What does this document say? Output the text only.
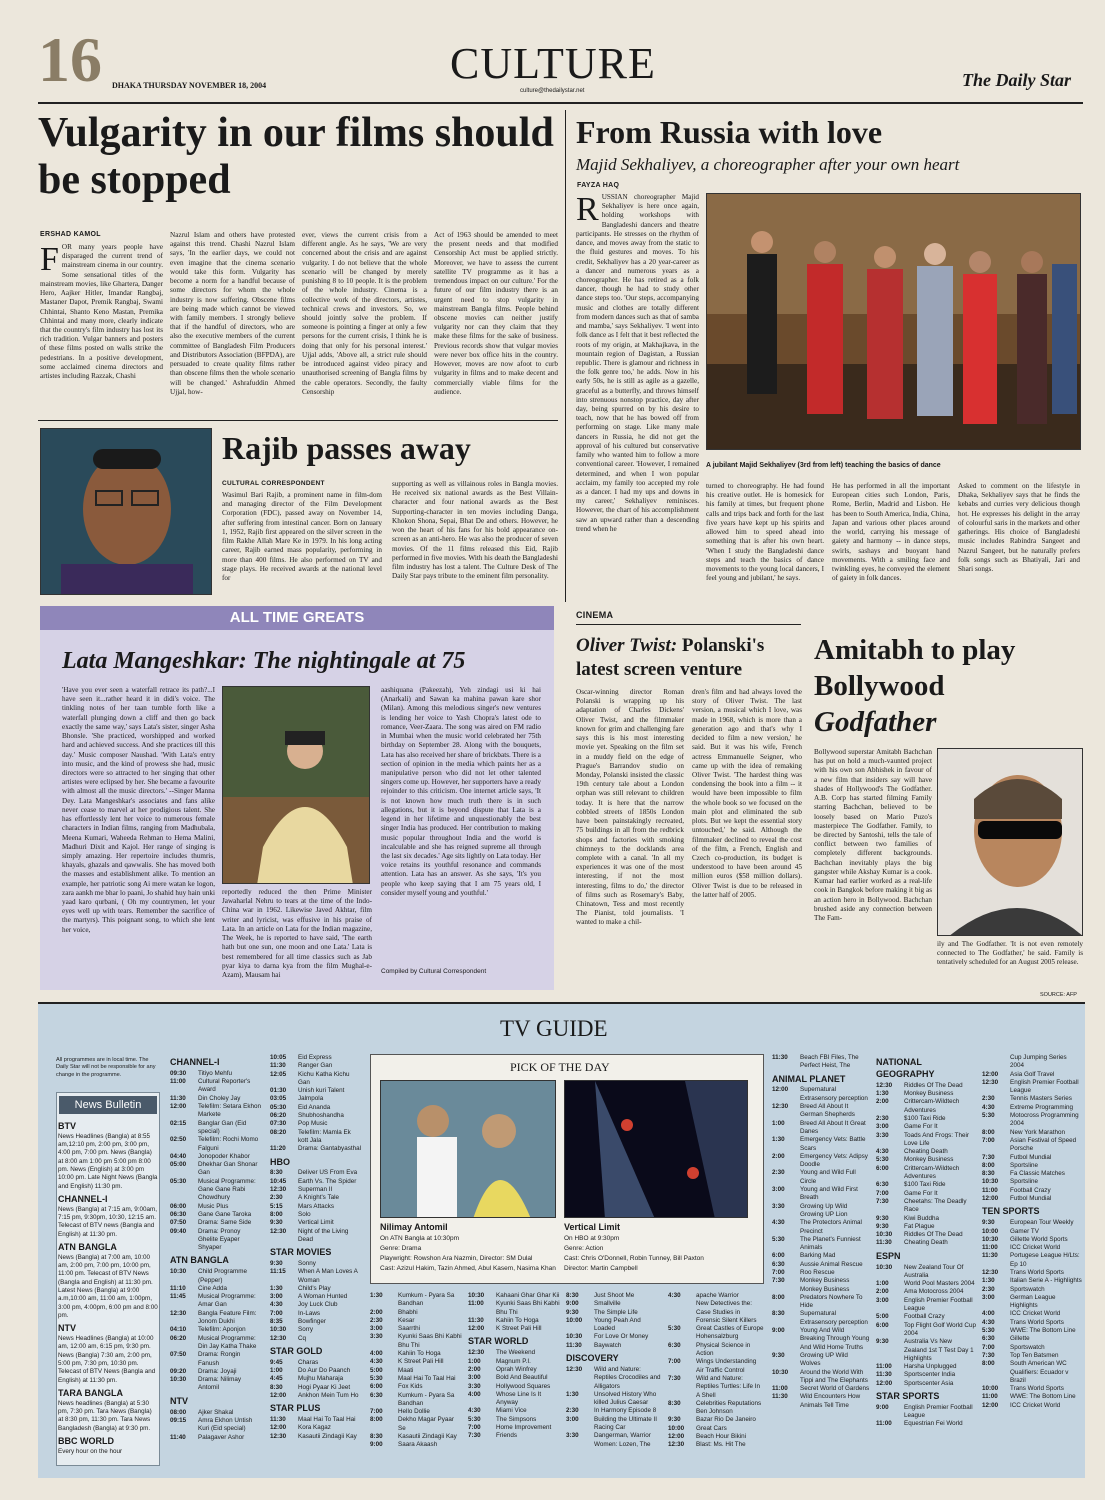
16 DHAKA THURSDAY NOVEMBER 18, 2004	CULTURE
culture@thedailystar.net
The Daily Star
Vulgarity in our films should be stopped
ERSHAD KAMOL
FOR many years people have disparaged the current trend of mainstream cinema in our country. Some sensational titles of the mainstream movies, like Ghartera, Danger Hero, Aajker Hitler, Imandar Rangbaj, Mastaner Dapot, Premik Rangbaj, Swami Chhintai, Shanto Keno Mastan, Premika Chhintai and many more, clearly indicate that the country's film industry has lost its rich tradition. Vulgar banners and posters of these films posted on walls strike the pedestrians. In a positive development, some acclaimed cinema directors and artistes including Razzak, Chashi
Nazrul Islam and others have protested against this trend. Chashi Nazrul Islam says, 'In the earlier days, we could not even imagine that the cinema scenario would take this form. Vulgarity has become a norm for a handful because of some directors for whom the whole industry is now suffering. Obscene films are being made which cannot be viewed with family members. I strongly believe that if the handful of directors, who are also the executive members of the current committee of Bangladesh Film Producers and Distributors Association (BFPDA), are persuaded to create quality films rather than obscene films then the whole scenario will be changed.' Ashrafuddin Ahmed Ujjal, how-
ever, views the current crisis from a different angle. As he says, 'We are very concerned about the crisis and are against vulgarity. I do not believe that the whole scenario will be changed by merely punishing 8 to 10 people. It is the problem of the whole industry. Cinema is a collective work of the directors, artistes, technical crews and investors. So, we should jointly solve the problem. If someone is pointing a finger at only a few persons for the current crisis, I think he is doing that only for his personal interest.' Ujjal adds, 'Above all, a strict rule should be introduced against video piracy and unauthorised screening of Bangla films by the cable operators. Secondly, the faulty Censorship
Act of 1963 should be amended to meet the present needs and that modified Censorship Act must be applied strictly. Moreover, we have to assess the current satellite TV programme as it has a tremendous impact on our culture.' For the future of our film industry there is an urgent need to stop vulgarity in mainstream Bangla films. People behind obscene movies can neither justify vulgarity nor can they claim that they make these films for the sake of business. Previous records show that vulgar movies were never box office hits in the country. However, moves are now afoot to curb vulgarity in films and to make decent and commercially viable films for the audience.
From Russia with love
Majid Sekhaliyev, a choreographer after your own heart
FAYZA HAQ
RUSSIAN choreographer Majid Sekhaliyev is here once again, holding workshops with Bangladeshi dancers and theatre participants. He stresses on the rhythm of dance, and moves away from the static to the fluid gestures and moves. To his credit, Sekhaliyev has a 20 year-career as a dancer and numerous years as a choreographer. He has retired as a folk dancer, though he had to study other dance steps too. 'Our steps, accompanying music and clothes are totally different from modern dances such as that of samba and mamba,' says Sekhaliyev. 'I went into folk dance as I felt that it best reflected the roots of my origin, at Makhajkava, in the mountain region of Dagistan, a Russian republic. There is glamour and richness in the folk genre too,' he adds. Now in his early 50s, he is still as agile as a gazelle, graceful as a butterfly, and throws himself into strenuous nonstop practice, day after day, being spurred on by his desire to teach, now that he has bowed off from performing on stage. Like many male dancers in Russia, he did not get the approval of his cultured but conservative family who wanted him to follow a more conventional career. 'However, I remained determined, and when I won popular acclaim, my family too accepted my role as a dancer. I had my ups and downs in my career,' Sekhaliyev reminisces. However, the chart of his accomplishment saw an upward rather than a descending trend when he
A jubilant Majid Sekhaliyev (3rd from left) teaching the basics of dance
turned to choreography. He had found his creative outlet. He is homesick for his family at times, but frequent phone calls and trips back and forth for the last five years have kept up his spirits and allowed him to speed ahead into something that is after his own heart. 'When I study the Bangladeshi dance steps and teach the basics of dance movements to the young local dancers, I feel young and jubilant,' he says.
He has performed in all the important European cities such London, Paris, Rome, Berlin, Madrid and Lisbon. He has been to South America, India, China, Japan and various other places around the world, carrying his message of gaiety and harmony -- in dance steps, swirls, sashays and buoyant hand movements. With a smiling face and twinkling eyes, he conveyed the element of gaiety in folk dances.
Asked to comment on the lifestyle in Dhaka, Sekhaliyev says that he finds the kebabs and curries very delicious though hot. He expresses his delight in the array of colourful saris in the markets and other gatherings. His choice of Bangladeshi music includes Rabindra Sangeet and Nazrul Sangeet, but he naturally prefers folk songs such as Bhatiyali, Jari and Shari songs.
Rajib passes away
CULTURAL CORRESPONDENT
Wasimul Bari Rajib, a prominent name in film-dom and managing director of the Film Development Corporation (FDC), passed away on November 14, after suffering from intestinal cancer. Born on January 1, 1952, Rajib first appeared on the silver screen in the film Rakhe Allah Mare Ke in 1979. In his long acting career, Rajib earned mass popularity, performing in more than 400 films. He also performed on TV and stage plays. He received awards at the national level for
supporting as well as villainous roles in Bangla movies. He received six national awards as the Best Villain-character and four national awards as the Best Supporting-character in ten movies including Danga, Khokon Shona, Sepai, Bhat De and others. However, he won the heart of his fans for his bold appearance on-screen as an anti-hero. He was also the producer of seven movies. Of the 11 films released this Eid, Rajib performed in five movies. With his death the Bangladeshi film industry has lost a talent. The Culture Desk of The Daily Star pays tribute to the eminent film personality.
ALL TIME GREATS
Lata Mangeshkar: The nightingale at 75
'Have you ever seen a waterfall retrace its path?...I have seen it...rather heard it in didi's voice. The tinkling notes of her taan tumble forth like a waterfall plunging down a cliff and then go back exactly the same way,' says Lata's sister, singer Asha Bhonsle. 'She practiced, worshipped and worked hard and achieved success. And she practices till this day.' Music composer Naushad. 'With Lata's entry into music, and the kind of prowess she had, music directors were so attracted to her singing that other artistes were eclipsed by her. She became a favourite with almost all the music directors.' --Singer Manna Dey. Lata Mangeshkar's associates and fans alike never cease to marvel at her prodigious talent. She has effortlessly lent her voice to numerous female characters in Indian films, ranging from Madhubala, Meena Kumari, Waheeda Rehman to Hema Malini, Madhuri Dixit and Kajol. Her range of singing is simply amazing. Her repertoire includes thumris, khayals, ghazals and qawwalis. She has moved both the masses and establishment alike. To mention an example, her patriotic song Ai mere watan ke logon, zara aankh me bhar lo paani, Jo shahid huy hain unki yaad karo qurbani, ( Oh my countrymen, let your eyes well up with tears. Remember the sacrifice of the martyrs). This poignant song, to which she lent her voice,
reportedly reduced the then Prime Minister Jawaharlal Nehru to tears at the time of the Indo-China war in 1962. Likewise Javed Akhtar, film writer and lyricist, was effusive in his praise of Lata. In an article on Lata for the Indian magazine, The Week, he is reported to have said, 'The earth hath but one sun, one moon and one Lata.' Lata is best remembered for all time classics such as Jab pyar kiya to darna kya from the film Mughal-e-Azam), Mausam hai
aashiquana (Pakeezah), Yeh zindagi usi ki hai (Anarkali) and Sawan ka mahina pawan kare shor (Milan). Among this melodious singer's new ventures is lending her voice to Yash Chopra's latest ode to romance, Veer-Zaara. The song was aired on FM radio in Mumbai when the music world celebrated her 75th birthday on September 28. Along with the bouquets, Lata has also received her share of brickbats. There is a section of opinion in the media which paints her as a manipulative person who did not let other talented singers come up. However, her supporters have a ready rejoinder to this criticism. One internet article says, 'It is not known how much truth there is in such allegations, but it is beyond dispute that Lata is a legend in her lifetime and unquestionably the best singer India has produced. Her contribution to making music popular throughout India and the world is incalculable and she has reigned supreme all through the last six decades.' Age sits lightly on Lata today. Her voice retains its youthful resonance and commands attention. Lata has an answer. As she says, 'It's you people who keep saying that I am 75 years old, I consider myself young and youthful.'
Compiled by Cultural Correspondent
CINEMA
Oliver Twist: Polanski's latest screen venture
Oscar-winning director Roman Polanski is wrapping up his adaptation of Charles Dickens' Oliver Twist, and the filmmaker known for grim and challenging fare says this is his most interesting movie yet. Speaking on the film set in a muddy field on the edge of Prague's Barrandov studio on Monday, Polanski insisted the classic 19th century tale about a London orphan was still relevant to children today. It is here that the narrow cobbled streets of 1850s London have been painstakingly recreated, 75 buildings in all from the redbrick shops and factories with smoking chimneys to the docklands area complete with a canal. 'In all my experiences it was one of the most interesting, if not the most interesting, films to do,' the director of films such as Rosemary's Baby, Chinatown, Tess and most recently The Pianist, told journalists. 'I wanted to make a chil-
dren's film and had always loved the story of Oliver Twist. The last version, a musical which I love, was made in 1968, which is more than a generation ago and that's why I decided to film a new version,' he said. But it was his wife, French actress Emmanuelle Seigner, who came up with the idea of remaking Oliver Twist. 'The hardest thing was condensing the book into a film -- it would have been impossible to film the whole book so we focused on the main plot and eliminated the sub plots. But we kept the essential story untouched,' he said. Although the filmmaker declined to reveal the cost of the film, a French, English and Czech co-production, its budget is understood to have been around 45 million euros ($58 million dollars). Oliver Twist is due to be released in the latter half of 2005.
Amitabh to play Bollywood
Godfather
Bollywood superstar Amitabh Bachchan has put on hold a much-vaunted project with his own son Abhishek in favour of a new film that insiders say will have shades of Hollywood's The Godfather. A.B. Corp has started filming Family starring Bachchan, believed to be loosely based on Mario Puzo's masterpiece The Godfather. Family, to be directed by Santoshi, tells the tale of conflict between two families of completely different backgrounds. Bachchan inevitably plays the big gangster while Akshay Kumar is a cook. Kumar had earlier worked as a real-life cook in Bangkok before making it big as an action hero in Bollywood. Bachchan brushed aside any connection between The Fam-
ily and The Godfather. 'It is not even remotely connected to The Godfather,' he said. Family is tentatively scheduled for an August 2005 release.
SOURCE: AFP
TV GUIDE
All programmes are in local time. The Daily Star will not be responsible for any change in the programme.
News Bulletin
BTV
News Headlines (Bangla) at 8:55 am,12:10 pm, 2:00 pm, 3:00 pm, 4:00 pm, 7:00 pm. News (Bangla) at 8:00 am 1:00 pm 5:00 pm 8:00 pm. News (English) at 3:00 pm 10:00 pm. Late Night News (Bangla and English) 11:30 pm.
CHANNEL-I
News (Bangla) at 7:15 am, 9:00am, 7:15 pm, 9:30pm, 10:30, 12:15 am. Telecast of BTV news (Bangla and English) at 11:30 pm.
ATN BANGLA
News (Bangla) at 7:00 am, 10:00 am, 2:00 pm, 7:00 pm, 10:00 pm, 11:00 pm. Telecast of BTV News (Bangla and English) at 11:30 pm. Latest News (Bangla) at 9:00 a.m,10:00 am, 11:00 am, 1:00pm, 3:00 pm, 4:00pm, 6:00 pm and 8:00 pm.
NTV
News Headlines (Bangla) at 10:00 am, 12:00 am, 6:15 pm, 9:30 pm. News (Bangla) 7:30 am, 2:00 pm, 5:00 pm, 7:30 pm, 10:30 pm. Telecast of BTV News (Bangla and English) at 11:30 pm.
TARA BANGLA
News headlines (Bangla) at 5:30 pm, 7:30 pm. Tara News (Bangla) at 8:30 pm, 11:30 pm. Tara News Bangladesh (Bangla) at 9:30 pm.
BBC WORLD
Every hour on the hour
CHANNEL-I
09:30	Titiyo Mehfu
11:00	Cultural Reporter's Award
11:30	Din Choley Jay
12:00	Telefilm: Setara Ekhon Markete
02:15	Banglar Gan (Eid special)
02:50	Telefilm: Rochi Momo Falguni
04:40	Jonopoder Khabor
05:00	Dhekhar Gan Shonar Gan
05:30	Musical Programme: Gane Gane Rabi Chowdhury
06:00	Music Plus
06:30	Gane Gane Taroka
07:50	Drama: Same Side
09:40	Drama: Pronoy Ghelite Eyaper Shyaper
ATN BANGLA
10:30	Child Programme (Pepper)
11:10	Cine Adda
11:45	Musical Programme: Amar Gan
12:30	Bangla Feature Film: Jonom Dukhi
04:10	Telefilm: Aponjon
06:20	Musical Programme: Din Jay Katha Thake
07:50	Drama: Rongin Fanush
09:20	Drama: Joyaji
10:30	Drama: Nilimay Antomil
NTV
08:00	Ajker Shakal
09:15	Amra Ekhon Untish Kuri (Eid special)
11:40	Palagaver Ashor
10:05	Eid Express
11:30	Ranger Gan
12:05	Kichu Katha Kichu Gan
01:30	Unish kuri Talent
03:05	Jalmpola
05:30	Eid Ananda
06:20	Shubhoshandha
07:30	Pop Music
08:20	Telefilm: Mamla Ek kott Jala
11:20	Drama: Gantabyasthal
HBO
8:30	Deliver US From Eva
10:45	Earth Vs. The Spider
12:30	Superman II
2:30	A Knight's Tale
5:15	Mars Attacks
8:00	Solo
9:30	Vertical Limit
12:30	Night of the Living Dead
STAR MOVIES
9:30	Sonny
11:15	When A Man Loves A Woman
1:30	Child's Play
3:00	A Woman Hunted
4:30	Joy Luck Club
7:00	In-Laws
8:35	Bowfinger
10:30	Sorry
12:30	Cq
STAR GOLD
9:45	Charas
1:00	Do Aur Do Paanch
4:45	Mujhu Maharaja
8:30	Hogi Pyaar Ki Jeet
12:00	Ankhon Mein Tum Ho
STAR PLUS
11:30	Maal Hai To Taal Hai
12:00	Kora Kagaz
12:30	Kasautii Zindagii Kay
PICK OF THE DAY
Nilimay Antomil
On ATN Bangla at 10:30pm
Genre: Drama
Playwright: Rowshon Ara Nazmin, Director: SM Dulal
Cast: Azizul Hakim, Tazin Ahmed, Abul Kasem, Nasima Khan
Vertical Limit
On HBO at 9:30pm
Genre: Action
Cast: Chris O'Donnell, Robin Tunney, Bill Paxton
Director: Martin Campbell
1:30	Kumkum - Pyara Sa Bandhan
2:00	Bhabhi
2:30	Kesar
3:00	Saarrthi
3:30	Kyunki Saas Bhi Kabhi Bhu Thi
4:00	Kahiin To Hoga
4:30	K Street Pali Hill
5:00	Maati
5:30	Maal Hai To Taal Hai
6:00	Fox Kids
6:30	Kumkum - Pyara Sa Bandhan
7:00	Hello Dollie
8:00	Dekho Magar Pyaar Se
8:30	Kasautii Zindagii Kay
9:00	Saara Akaash
10:30	Kahaani Ghar Ghar Kii
11:00	Kyunki Saas Bhi Kabhi Bhu Thi
11:30	Kahiin To Hoga
12:00	K Street Pali Hill
STAR WORLD
12:30	The Weekend
1:00	Magnum P.I.
2:00	Oprah Winfrey
3:00	Bold And Beautiful
3:30	Hollywood Squares
4:00	Whose Line Is It Anyway
4:30	Miami Vice
5:30	The Simpsons
7:00	Home Improvement
7:30	Friends
8:30	Just Shoot Me
9:00	Smallville
9:30	The Simple Life
10:00	Young Peah And Loaded
10:30	For Love Or Money
11:30	Baywatch
DISCOVERY
12:30	Wild and Nature: Reptiles Crocodiles and Alligators
1:30	Unsolved History Who killed Julius Caesar
2:30	In Harmony Episode 8
3:00	Building the Ultimate II Racing Car
3:30	Dangerman, Warrior Women: Lozen, The
4:30	apache Warrior
New Detectives the: Case Studies in Forensic Silent Killers
5:30	Great Castles of Europe Hohensalzburg
6:30	Physical Science in Action
7:00	Wings Understanding Air Traffic Control
7:30	Wild and Nature: Reptiles Turtles: Life In A Shell
8:30	Celebrities Reputations Ben Johnson
9:30	Bazar Rio De Janeiro
10:00	Great Cars
12:00	Beach Hour Bikini
12:30	Blast: Ms. Hit The
11:30	Beach FBI Files, The Perfect Heist, The
ANIMAL PLANET
12:00	Supernatural Extrasensory perception
12:30	Breed All About It German Shepherds
1:00	Breed All About It Great Danes
1:30	Emergency Vets: Battle Scars
2:00	Emergency Vets: Adipsy Doodle
2:30	Young and Wild Full Circle
3:00	Young and Wild First Breath
3:30	Growing Up Wild Growing UP Lion
4:30	The Protectors Animal Precinct
5:30	The Planet's Funniest Animals
6:00	Barking Mad
6:30	Aussie Animal Rescue
7:00	Roo Rescue
7:30	Monkey Business Monkey Business
8:00	Predators Nowhere To Hide
8:30	Supernatural Extrasensory perception
9:00	Young And Wild Breaking Through Young And Wild Home Truths
9:30	Growing UP Wild Wolves
10:30	Around the World With Tippi and The Elephants
11:00	Secret World of Gardens
11:30	Wild Encounters How Animals Tell Time
NATIONAL GEOGRAPHY
12:30	Riddles Of The Dead
1:30	Monkey Business
2:00	Crittercam-Wildtech Adventures
2:30	$100 Taxi Ride
3:00	Game For It
3:30	Toads And Frogs: Their Love Life
4:30	Cheating Death
5:30	Monkey Business
6:00	Crittercam-Wildtech Adventures
6:30	$100 Taxi Ride
7:00	Game For It
7:30	Cheetahs: The Deadly Race
9:30	Kiwi Buddha
9:30	Fat Plague
10:30	Riddles Of The Dead
11:30	Cheating Death
ESPN
10:30	New Zealand Tour Of Australia
1:00	World Pool Masters 2004
2:00	Ama Motocross 2004
3:00	English Premier Football League
5:00	Football Crazy
6:00	Top Flight Golf World Cup 2004
9:30	Australia Vs New Zealand 1st T Test Day 1 Highlights
11:00	Harsha Unplugged
11:30	Sportscenter India
12:00	Sportscenter Asia
STAR SPORTS
9:00	English Premier Football League
11:00	Equestrian Fei World
Cup Jumping Series 2004
12:00	Asia Golf Travel
12:30	English Premier Football League
2:30	Tennis Masters Series
4:30	Extreme Programming
5:30	Motocross Programming 2004
8:00	New York Marathon
7:00	Asian Festival of Speed Porsche
7:30	Futbol Mundial
8:00	Sportsline
8:30	Fa Classic Matches
10:30	Sportsline
11:00	Football Crazy
12:00	Futbol Mundial
TEN SPORTS
9:30	European Tour Weekly
10:00	Gamer TV
10:30	Gillette World Sports
11:00	ICC Cricket World
11:30	Portugese League H/Lts: Ep 10
12:30	Trans World Sports
1:30	Italian Serie A - Highlights
2:30	Sportswatch
3:00	German League Highlights
4:00	ICC Cricket World
4:30	Trans World Sports
5:30	WWE: The Bottom Line
6:30	Gillette
7:00	Sportswatch
7:30	Top Ten Batsmen
8:00	South American WC Qualifiers: Ecuador v Brazil
10:00	Trans World Sports
11:00	WWE: The Bottom Line
12:00	ICC Cricket World
